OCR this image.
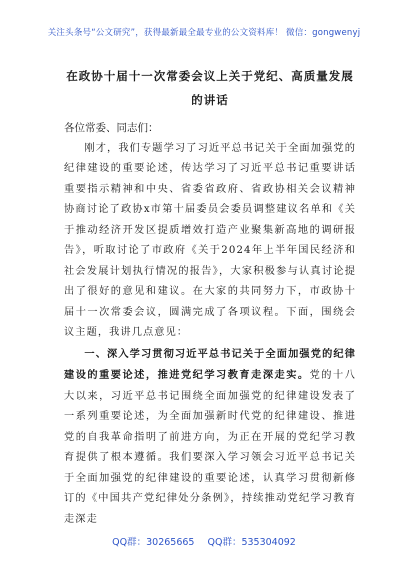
关注头条号“公文研究”，获得最新最全最专业的公文资料库！ 微信：gongwenyj
在政协十届十一次常委会议上关于党纪、高质量发展的讲话

各位常委、同志们：

刚才，我们专题学习了习近平总书记关于全面加强党的纪律建设的重要论述，传达学习了习近平总书记重要讲话重要指示精神和中央、省委省政府、省政协相关会议精神协商讨论了政协x市第十届委员会委员调整建议名单和《关于推动经济开发区提质增效打造产业聚集新高地的调研报告》，听取讨论了市政府《关于2024年上半年国民经济和社会发展计划执行情况的报告》，大家积极参与认真讨论提出了很好的意见和建议。在大家的共同努力下，市政协十届十一次常委会议，圆满完成了各项议程。下面，围绕会议主题，我讲几点意见：

一、深入学习贯彻习近平总书记关于全面加强党的纪律建设的重要论述，推进党纪学习教育走深走实。党的十八大以来，习近平总书记围绕全面加强党的纪律建设发表了一系列重要论述，为全面加强新时代党的纪律建设、推进党的自我革命指明了前进方向，为正在开展的党纪学习教育提供了根本遵循。我们要深入学习领会习近平总书记关于全面加强党的纪律建设的重要论述，认真学习贯彻新修订的《中国共产党纪律处分条例》，持续推动党纪学习教育走深走

QQ群：30265665 QQ群：535304092
